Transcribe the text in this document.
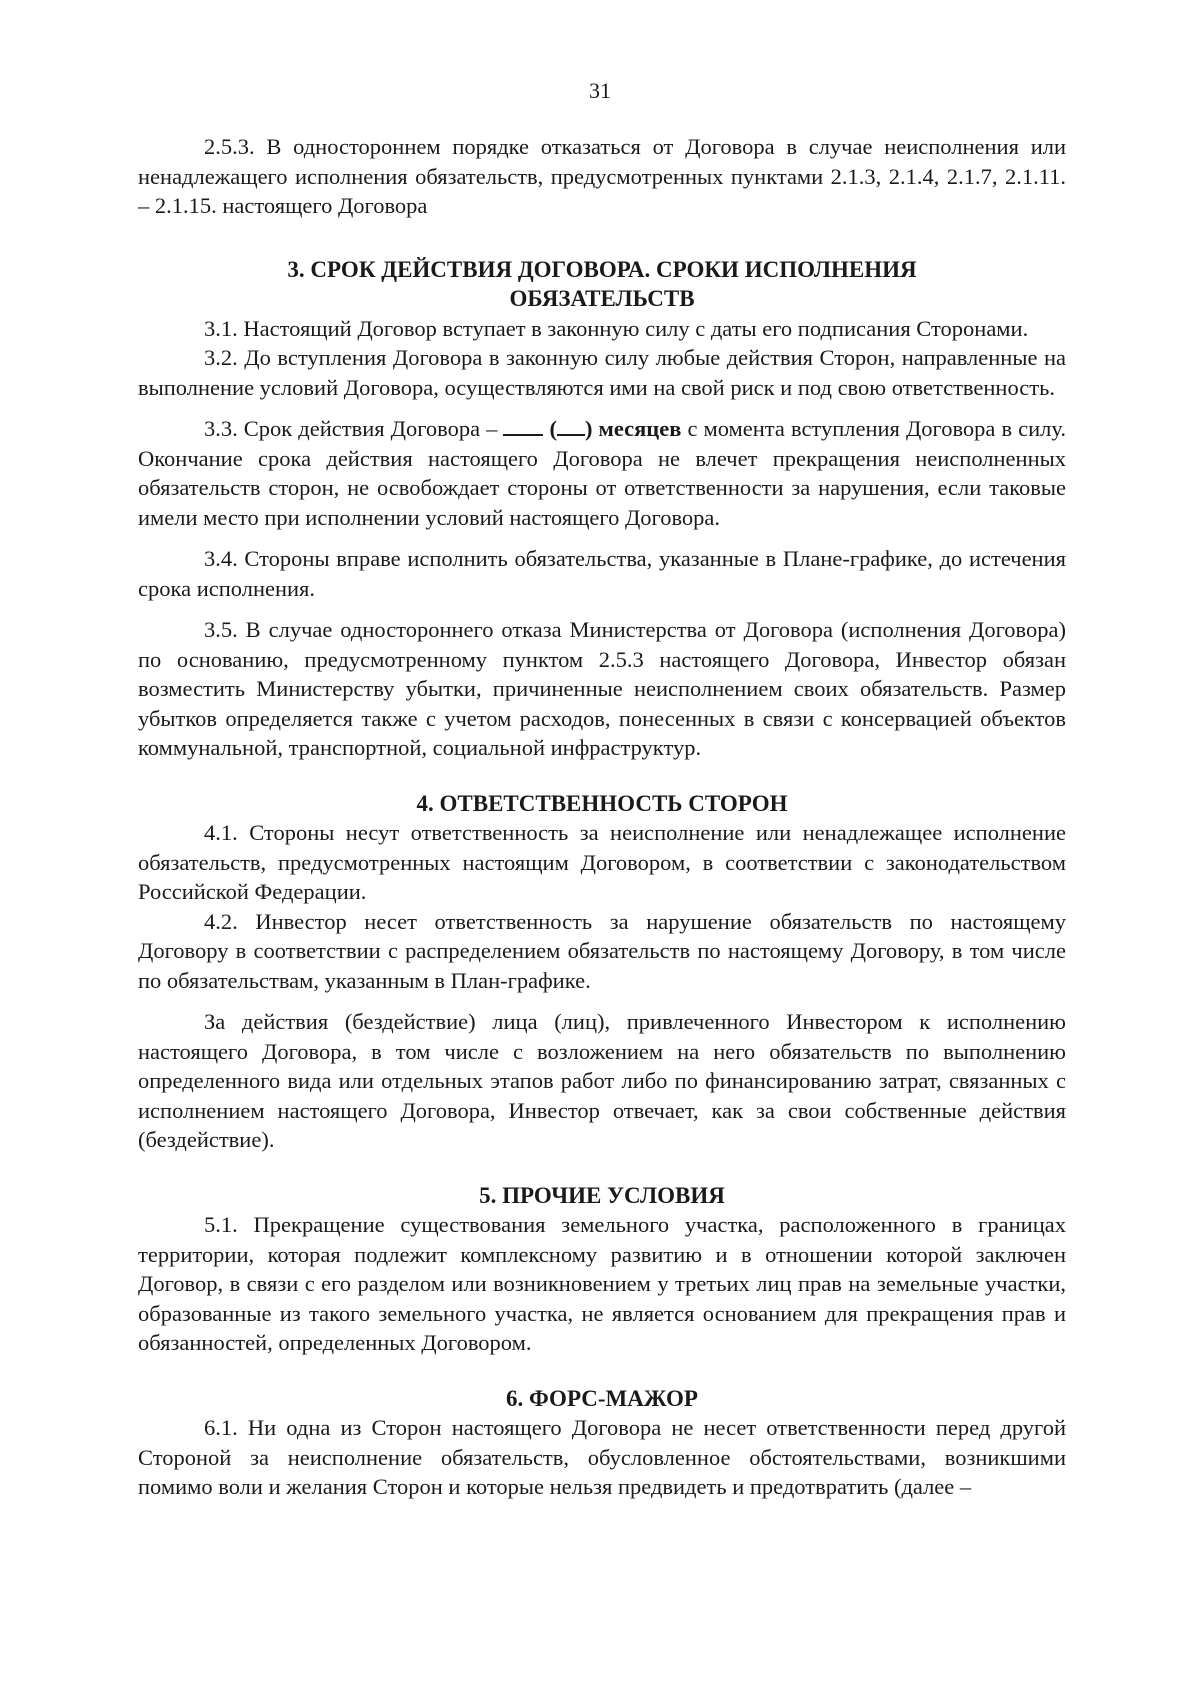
31

2.5.3. В одностороннем порядке отказаться от Договора в случае неисполнения или ненадлежащего исполнения обязательств, предусмотренных пунктами 2.1.3, 2.1.4, 2.1.7, 2.1.11. – 2.1.15. настоящего Договора

3. СРОК ДЕЙСТВИЯ ДОГОВОРА. СРОКИ ИСПОЛНЕНИЯ
ОБЯЗАТЕЛЬСТВ

3.1. Настоящий Договор вступает в законную силу с даты его подписания Сторонами.

3.2. До вступления Договора в законную силу любые действия Сторон, направленные на выполнение условий Договора, осуществляются ими на свой риск и под свою ответственность.

3.3. Срок действия Договора – ( ) месяцев с момента вступления Договора в силу. Окончание срока действия настоящего Договора не влечет прекращения неисполненных обязательств сторон, не освобождает стороны от ответственности за нарушения, если таковые имели место при исполнении условий настоящего Договора.

3.4. Стороны вправе исполнить обязательства, указанные в Плане-графике, до истечения срока исполнения.

3.5. В случае одностороннего отказа Министерства от Договора (исполнения Договора) по основанию, предусмотренному пунктом 2.5.3 настоящего Договора, Инвестор обязан возместить Министерству убытки, причиненные неисполнением своих обязательств. Размер убытков определяется также с учетом расходов, понесенных в связи с консервацией объектов коммунальной, транспортной, социальной инфраструктур.

4. ОТВЕТСТВЕННОСТЬ СТОРОН

4.1. Стороны несут ответственность за неисполнение или ненадлежащее исполнение обязательств, предусмотренных настоящим Договором, в соответствии с законодательством Российской Федерации.

4.2. Инвестор несет ответственность за нарушение обязательств по настоящему Договору в соответствии с распределением обязательств по настоящему Договору, в том числе по обязательствам, указанным в План-графике.

За действия (бездействие) лица (лиц), привлеченного Инвестором к исполнению настоящего Договора, в том числе с возложением на него обязательств по выполнению определенного вида или отдельных этапов работ либо по финансированию затрат, связанных с исполнением настоящего Договора, Инвестор отвечает, как за свои собственные действия (бездействие).

5. ПРОЧИЕ УСЛОВИЯ

5.1. Прекращение существования земельного участка, расположенного в границах территории, которая подлежит комплексному развитию и в отношении которой заключен Договор, в связи с его разделом или возникновением у третьих лиц прав на земельные участки, образованные из такого земельного участка, не является основанием для прекращения прав и обязанностей, определенных Договором.

6. ФОРС-МАЖОР

6.1. Ни одна из Сторон настоящего Договора не несет ответственности перед другой Стороной за неисполнение обязательств, обусловленное обстоятельствами, возникшими помимо воли и желания Сторон и которые нельзя предвидеть и предотвратить (далее –
